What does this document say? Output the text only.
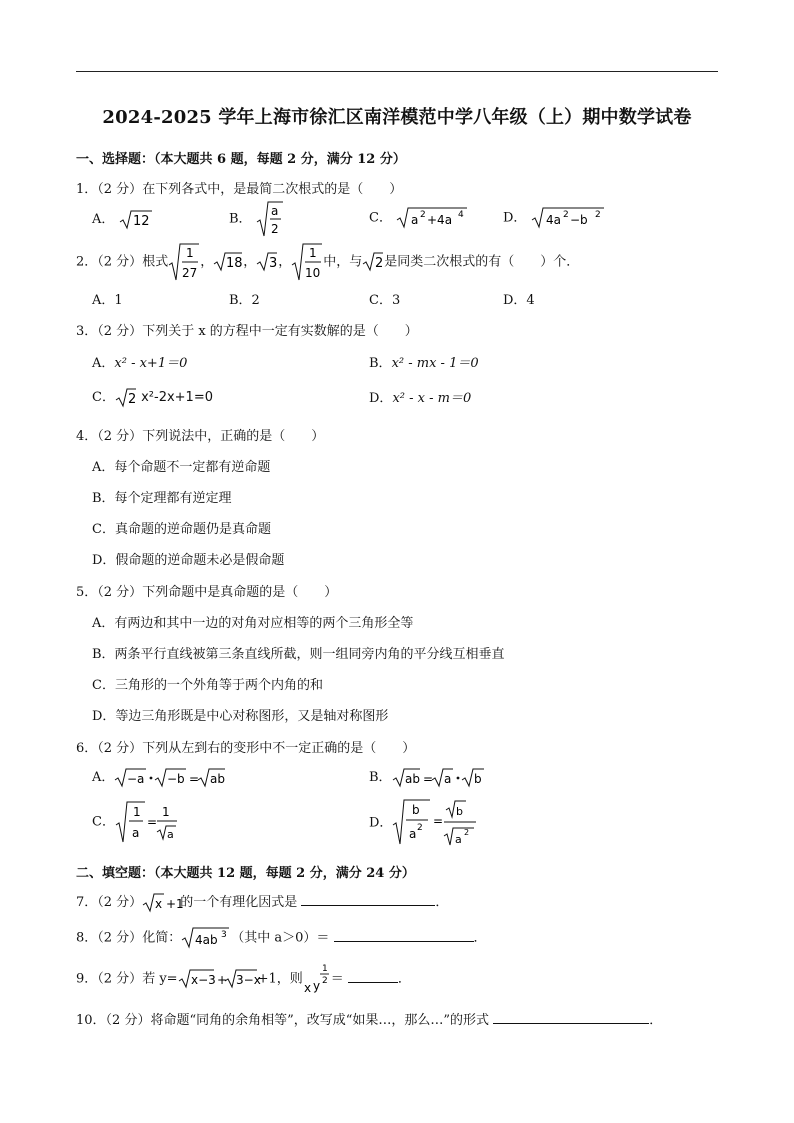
2024-2025 学年上海市徐汇区南洋模范中学八年级（上）期中数学试卷
一、选择题：（本大题共 6 题，每题 2 分，满分 12 分）
1．（2 分）在下列各式中，是最简二次根式的是（　　）
A． 12	B．
a
2
C． a 2 +4a 4	D． 4a 2 −b 2
2．（2 分）根式
1
27
， 18 ， 3 ，
1
10
中，与 2 是同类二次根式的有（　　）个．
A．1	B．2	C．3	D．4
3．（2 分）下列关于 x 的方程中一定有实数解的是（　　）
A．x² - x+1＝0	B．x² - mx - 1＝0
C． 2 x²-2x+1=0	D．x² - x - m＝0
4．（2 分）下列说法中，正确的是（　　）
A．每个命题不一定都有逆命题
B．每个定理都有逆定理
C．真命题的逆命题仍是真命题
D．假命题的逆命题未必是假命题
5．（2 分）下列命题中是真命题的是（　　）
A．有两边和其中一边的对角对应相等的两个三角形全等
B．两条平行直线被第三条直线所截，则一组同旁内角的平分线互相垂直
C．三角形的一个外角等于两个内角的和
D．等边三角形既是中心对称图形，又是轴对称图形
6．（2 分）下列从左到右的变形中不一定正确的是（　　）
A． −a −b = ab	B． ab = a b
C．
1
a
=
1
a
D．
b
a 2 =
b
a
2
二、填空题：（本大题共 12 题，每题 2 分，满分 24 分）
7．（2 分） x +1
的一个有理化因式是	．
8．（2 分）化简： 4ab 3 （其中 a＞0）＝	．
9．（2 分）若 y= x−3 + 3−x
+1，则
x y
1
2 ＝	．
10．（2 分）将命题“同角的余角相等”，改写成“如果…，那么…”的形式	．
